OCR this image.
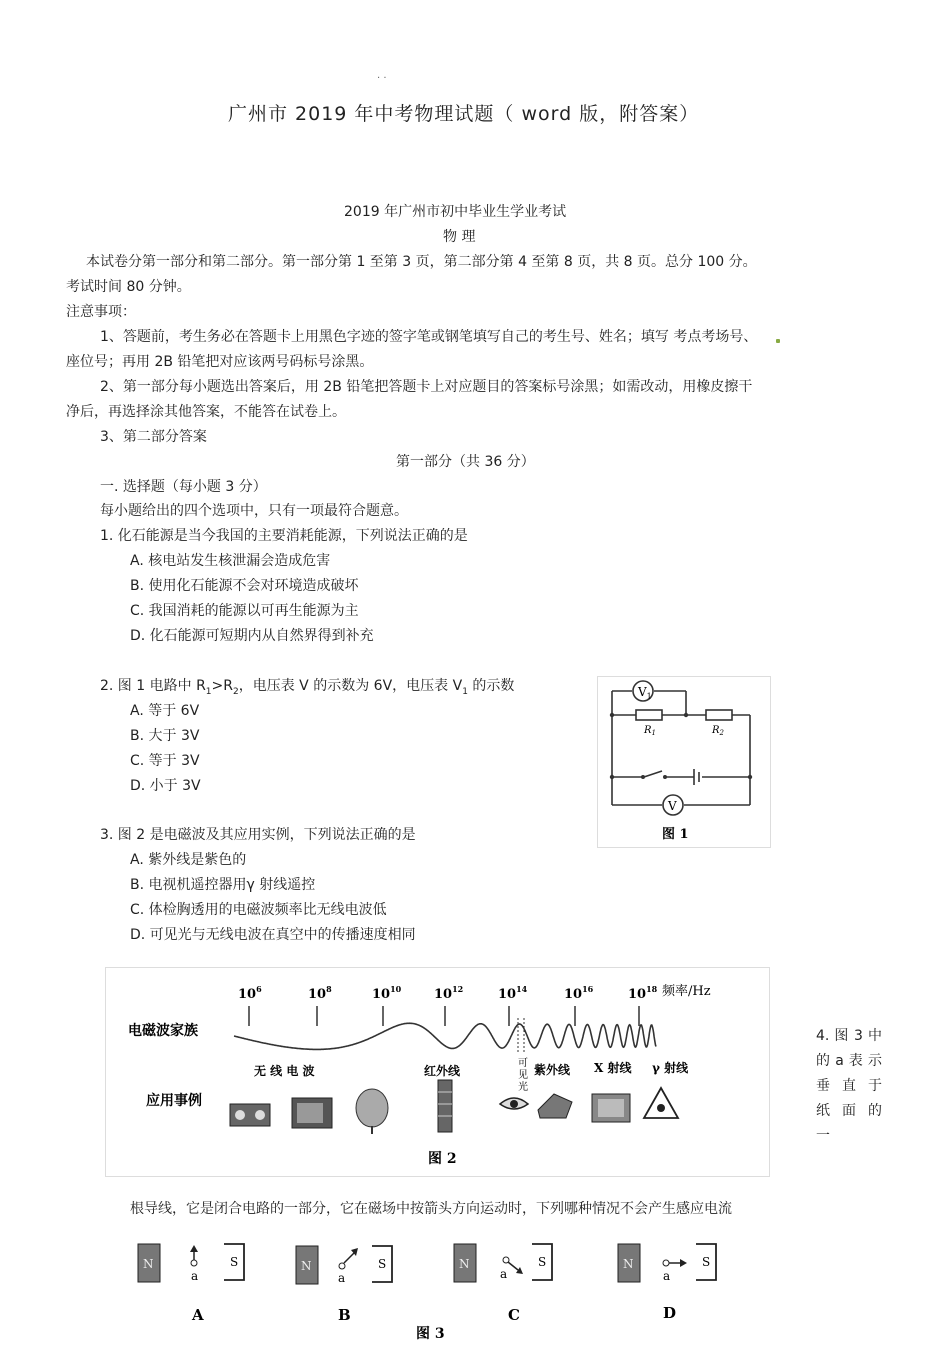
. .
广州市 2019 年中考物理试题（ word 版，附答案）
2019 年广州市初中毕业生学业考试
物 理
本试卷分第一部分和第二部分。第一部分第 1 至第 3 页，第二部分第 4 至第 8 页，共 8 页。总分 100 分。
考试时间 80 分钟。
注意事项：
1、答题前，考生务必在答题卡上用黑色字迹的签字笔或钢笔填写自己的考生号、姓名；填写 考点考场号、
座位号；再用 2B 铅笔把对应该两号码标号涂黑。
2、第一部分每小题选出答案后，用 2B 铅笔把答题卡上对应题目的答案标号涂黑；如需改动，用橡皮擦干
净后，再选择涂其他答案，不能答在试卷上。
3、第二部分答案
第一部分（共 36 分）
一. 选择题（每小题 3 分）
每小题给出的四个选项中，只有一项最符合题意。
1. 化石能源是当今我国的主要消耗能源，下列说法正确的是
A. 核电站发生核泄漏会造成危害
B. 使用化石能源不会对环境造成破坏
C. 我国消耗的能源以可再生能源为主
D. 化石能源可短期内从自然界得到补充
2. 图 1 电路中 $R_1>R_2$，电压表 V 的示数为 6V，电压表 $V_1$ 的示数
A. 等于 6V
B. 大于 3V
C. 等于 3V
D. 小于 3V
$V_1$
V
$R_1$	$R_2$
图 1
3. 图 2 是电磁波及其应用实例，下列说法正确的是
A. 紫外线是紫色的
B. 电视机遥控器用γ 射线遥控
C. 体检胸透用的电磁波频率比无线电波低
D. 可见光与无线电波在真空中的传播速度相同
$10^6$	$10^8$	$10^{10}$	$10^{12}$	$10^{14}$	$10^{16}$	$10^{18}$ 频率/Hz
电磁波家族
应用事例
无 线 电 波	红外线
可
见
光
紫外线 X 射线 γ 射线
图 2
4. 图 3 中 的 a 表 示 垂 直 于 纸 面 的 一
根导线，它是闭合电路的一部分，它在磁场中按箭头方向运动时，下列哪种情况不会产生感应电流
N	S
a
A
N	S
a
B
N	S
a
C
N	S
a
D
图 3
